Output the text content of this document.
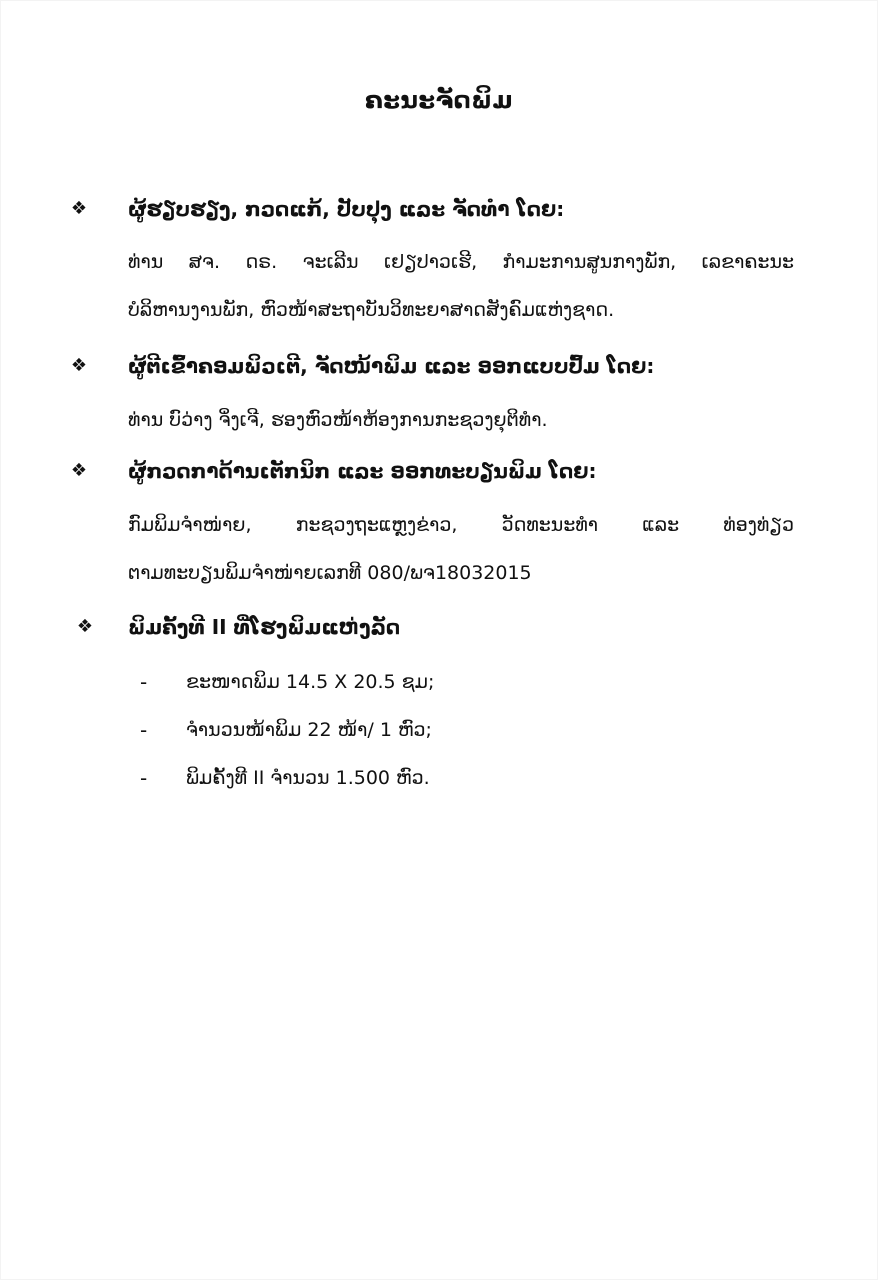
ຄະນະຈັດພິມ
❖	ຜູ້ຮຽບຮຽງ, ກວດແກ້, ປັບປຸງ ແລະ ຈັດທຳ ໂດຍ:
ທ່ານ ສຈ. ດຣ. ຈະເລີນ ເຢຽປາວເຮີ, ກຳມະການສູນກາງພັກ, ເລຂາຄະນະ
ບໍລິຫານງານພັກ, ຫົວໜ້າສະຖາບັນວິທະຍາສາດສັງຄົມແຫ່ງຊາດ.
❖	ຜູ້ຕີເຂົ້າຄອມພິວເຕີ, ຈັດໜ້າພິມ ແລະ ອອກແບບປົ້ມ ໂດຍ:
ທ່ານ ບົວ່າງ ຈິ່ງເຈີ, ຮອງຫົວໜ້າຫ້ອງການກະຊວງຍຸຕິທຳ.
❖	ຜູ້ກວດກາດ້ານເຕັກນິກ ແລະ ອອກທະບຽນພິມ ໂດຍ:
ກົມພິມຈຳໜ່າຍ, ກະຊວງຖະແຫຼງຂ່າວ, ວັດທະນະທຳ ແລະ ທ່ອງທ່ຽວ
ຕາມທະບຽນພິມຈຳໜ່າຍເລກທີ 080/ພຈ18032015
❖	ພິມຄັ້ງທີ II ທີ່ໂຮງພິມແຫ່ງລັດ
- ຂະໜາດພິມ 14.5 X 20.5 ຊມ;
- ຈຳນວນໜ້າພິມ 22 ໜ້າ/ 1 ຫົວ;
- ພິມຄັ້ງທີ II ຈຳນວນ 1.500 ຫົວ.
